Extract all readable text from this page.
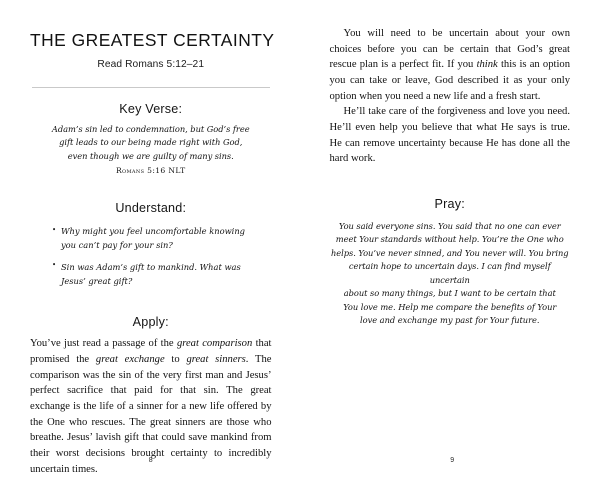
THE GREATEST CERTAINTY
Read Romans 5:12–21
Key Verse:
Adam’s sin led to condemnation, but God’s free
gift leads to our being made right with God,
even though we are guilty of many sins.
Romans 5:16 NLT
Understand:
• Why might you feel uncomfortable knowing you can’t pay for your sin?
• Sin was Adam’s gift to mankind. What was Jesus’ great gift?
Apply:

You’ve just read a passage of the great comparison that promised the great exchange to great sinners. The comparison was the sin of the very first man and Jesus’ perfect sacrifice that paid for that sin. The great exchange is the life of a sinner for a new life offered by the One who rescues. The great sinners are those who breathe. Jesus’ lavish gift that could save mankind from their worst decisions brought certainty to incredibly uncertain times.

8

You will need to be uncertain about your own choices before you can be certain that God’s great rescue plan is a perfect fit. If you think this is an option you can take or leave, God described it as your only option when you need a new life and a fresh start.

He’ll take care of the forgiveness and love you need. He’ll even help you believe that what He says is true. He can remove uncertainty because He has done all the hard work.

Pray:
You said everyone sins. You said that no one can ever
meet Your standards without help. You’re the One who
helps. You’ve never sinned, and You never will. You bring
certain hope to uncertain days. I can find myself uncertain
about so many things, but I want to be certain that
You love me. Help me compare the benefits of Your
love and exchange my past for Your future.
9
